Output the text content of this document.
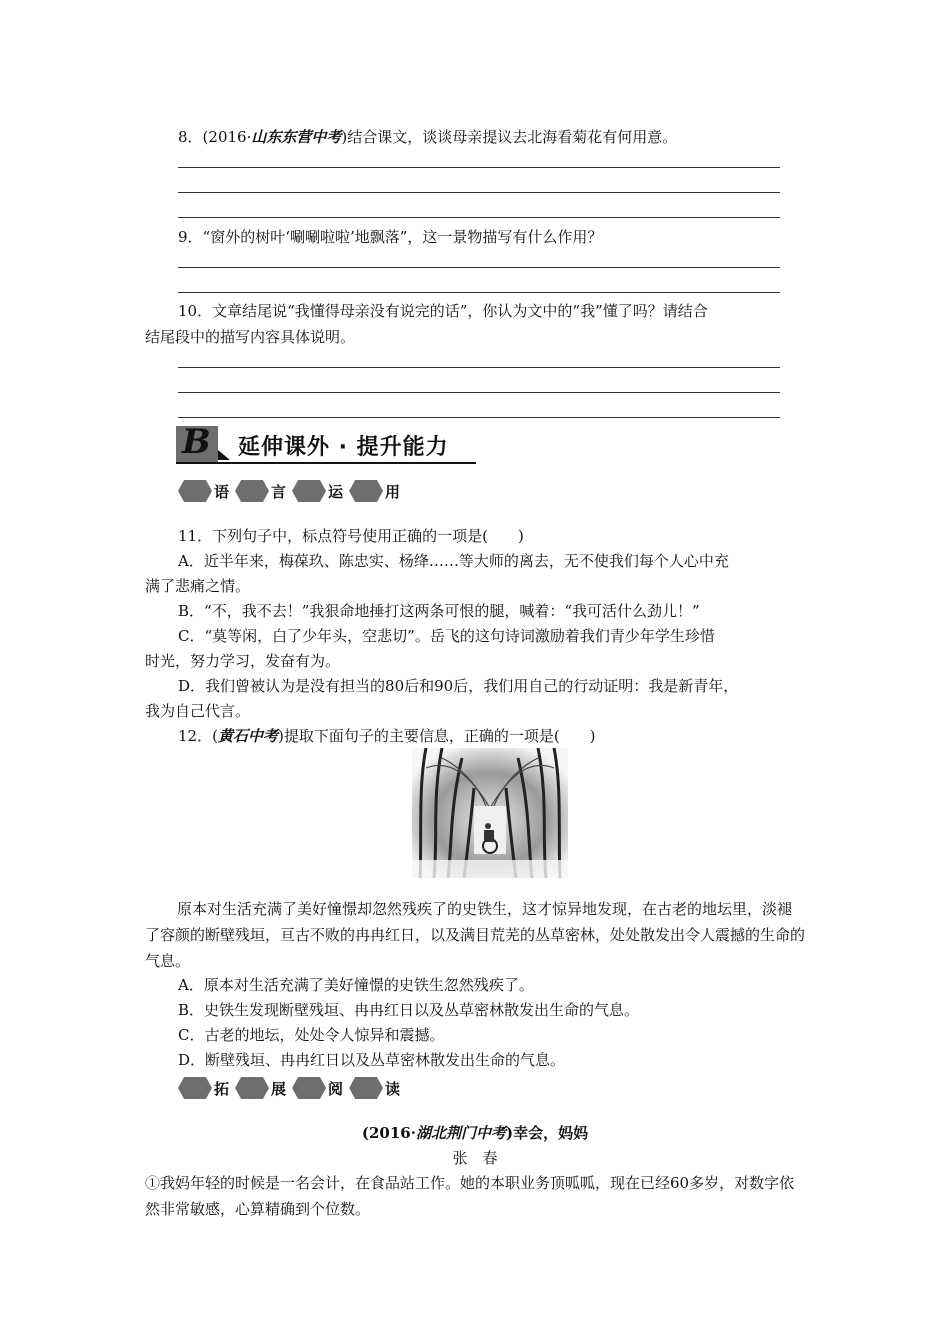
8．(2016·山东东营中考)结合课文，谈谈母亲提议去北海看菊花有何用意。
9．“窗外的树叶‘唰唰啦啦’地飘落”，这一景物描写有什么作用？
10．文章结尾说“我懂得母亲没有说完的话”，你认为文中的“我”懂了吗？请结合
结尾段中的描写内容具体说明。
B 延伸课外 · 提升能力
语	言	运	用
11．下列句子中，标点符号使用正确的一项是(　　)
A．近半年来，梅葆玖、陈忠实、杨绛……等大师的离去，无不使我们每个人心中充
满了悲痛之情。
B．“不，我不去！”我狠命地捶打这两条可恨的腿，喊着：“我可活什么劲儿！”
C．“莫等闲，白了少年头，空悲切”。岳飞的这句诗词激励着我们青少年学生珍惜
时光，努力学习，发奋有为。
D．我们曾被认为是没有担当的80后和90后，我们用自己的行动证明：我是新青年，
我为自己代言。
12．(黄石中考)提取下面句子的主要信息，正确的一项是(　　)
原本对生活充满了美好憧憬却忽然残疾了的史铁生，这才惊异地发现，在古老的地坛里，淡褪了容颜的断壁残垣，亘古不败的冉冉红日，以及满目荒芜的丛草密林，处处散发出令人震撼的生命的气息。
A．原本对生活充满了美好憧憬的史铁生忽然残疾了。
B．史铁生发现断壁残垣、冉冉红日以及丛草密林散发出生命的气息。
C．古老的地坛，处处令人惊异和震撼。
D．断壁残垣、冉冉红日以及丛草密林散发出生命的气息。
拓	展	阅	读
(2016·湖北荆门中考)幸会，妈妈
张　春
①我妈年轻的时候是一名会计，在食品站工作。她的本职业务顶呱呱，现在已经60多岁，对数字依然非常敏感，心算精确到个位数。
